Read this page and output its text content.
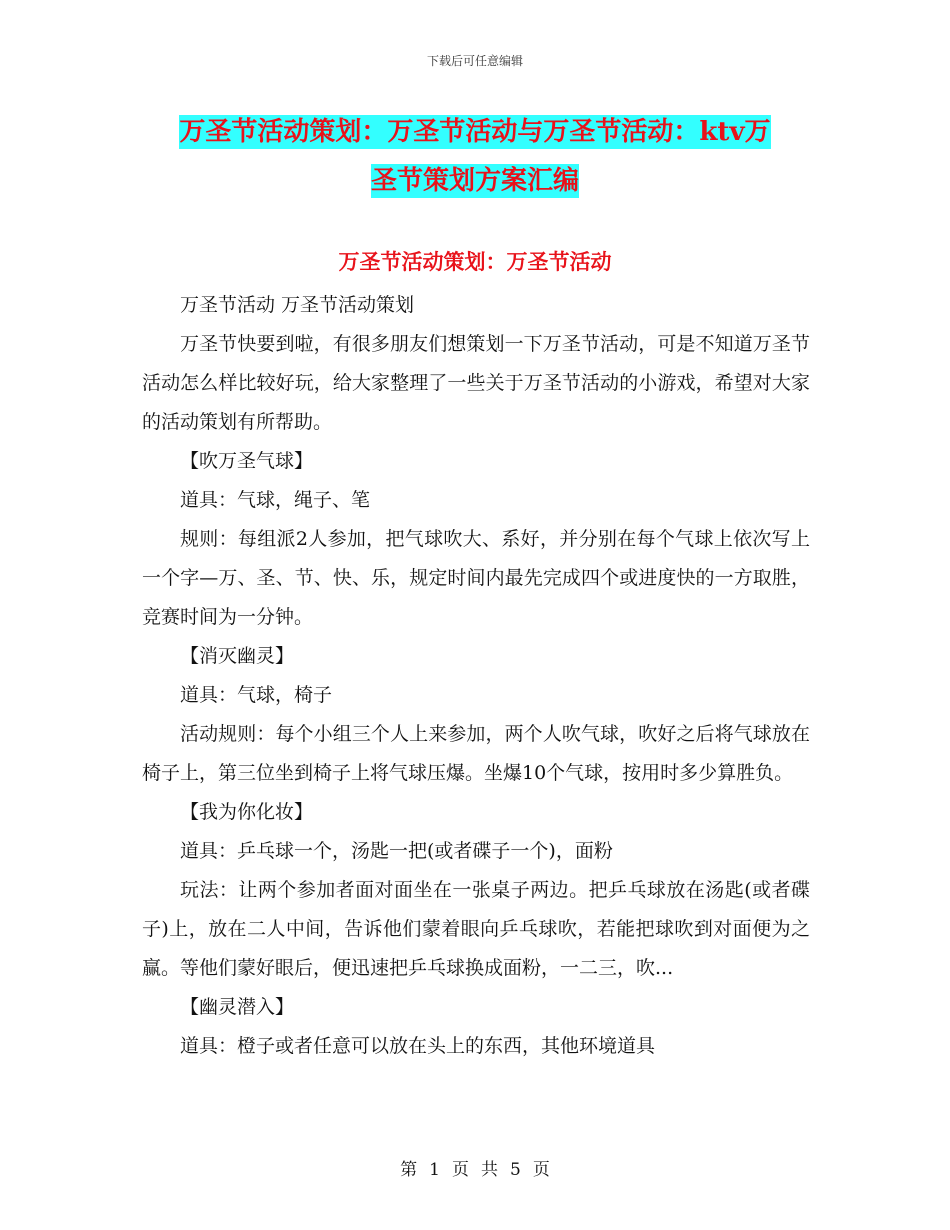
下载后可任意编辑
万圣节活动策划：万圣节活动与万圣节活动：ktv万
圣节策划方案汇编
万圣节活动策划：万圣节活动

万圣节活动 万圣节活动策划

万圣节快要到啦，有很多朋友们想策划一下万圣节活动，可是不知道万圣节活动怎么样比较好玩，给大家整理了一些关于万圣节活动的小游戏，希望对大家的活动策划有所帮助。

【吹万圣气球】

道具：气球，绳子、笔

规则：每组派2人参加，把气球吹大、系好，并分别在每个气球上依次写上一个字—万、圣、节、快、乐，规定时间内最先完成四个或进度快的一方取胜，竞赛时间为一分钟。

【消灭幽灵】

道具：气球，椅子

活动规则：每个小组三个人上来参加，两个人吹气球，吹好之后将气球放在椅子上，第三位坐到椅子上将气球压爆。坐爆10个气球，按用时多少算胜负。

【我为你化妆】

道具：乒乓球一个，汤匙一把(或者碟子一个)，面粉

玩法：让两个参加者面对面坐在一张桌子两边。把乒乓球放在汤匙(或者碟子)上，放在二人中间，告诉他们蒙着眼向乒乓球吹，若能把球吹到对面便为之赢。等他们蒙好眼后，便迅速把乒乓球换成面粉，一二三，吹...

【幽灵潜入】

道具：橙子或者任意可以放在头上的东西，其他环境道具

第 1 页 共 5 页
